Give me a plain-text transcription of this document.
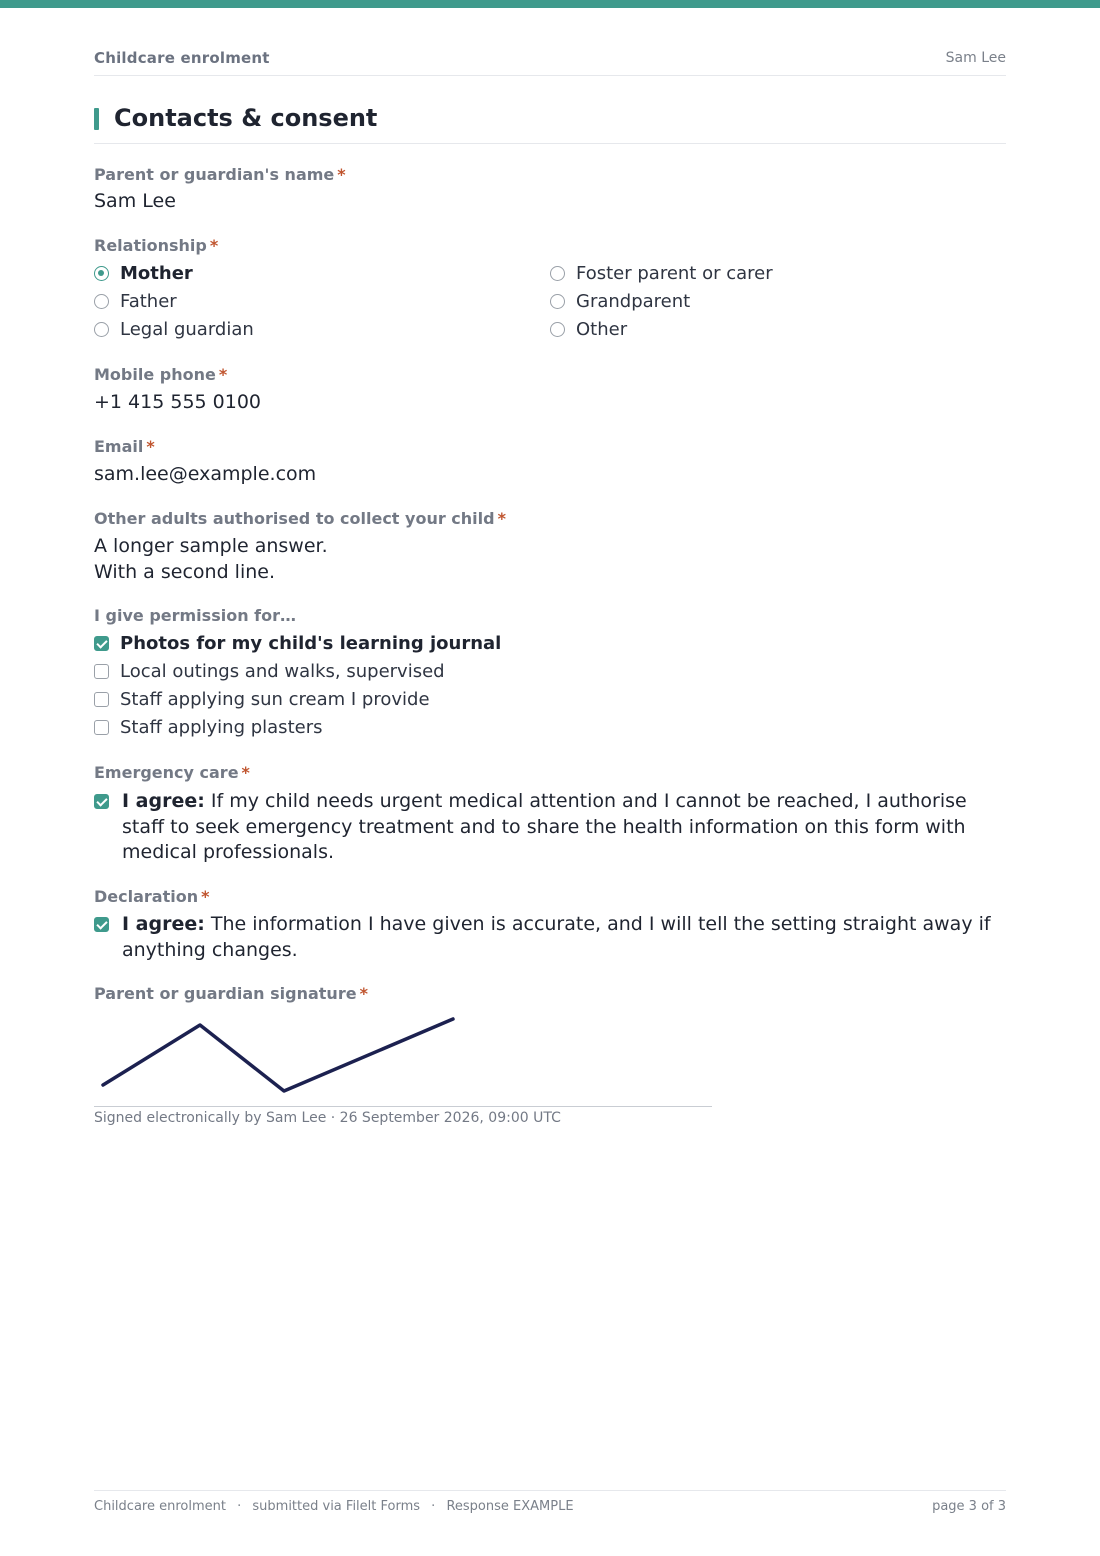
Childcare enrolment	Sam Lee
Contacts & consent
Parent or guardian's name *
Sam Lee
Relationship *
Mother
Father
Legal guardian
Foster parent or carer
Grandparent
Other
Mobile phone *
+1 415 555 0100
Email *
sam.lee@example.com
Other adults authorised to collect your child *
A longer sample answer.
With a second line.
I give permission for…
Photos for my child's learning journal
Local outings and walks, supervised
Staff applying sun cream I provide
Staff applying plasters
Emergency care *
I agree: If my child needs urgent medical attention and I cannot be reached, I authorise staff to seek emergency treatment and to share the health information on this form with medical professionals.
Declaration *
I agree: The information I have given is accurate, and I will tell the setting straight away if anything changes.
Parent or guardian signature *
Signed electronically by Sam Lee · 26 September 2026, 09:00 UTC
Childcare enrolment · submitted via Filelt Forms · Response EXAMPLE	page 3 of 3
